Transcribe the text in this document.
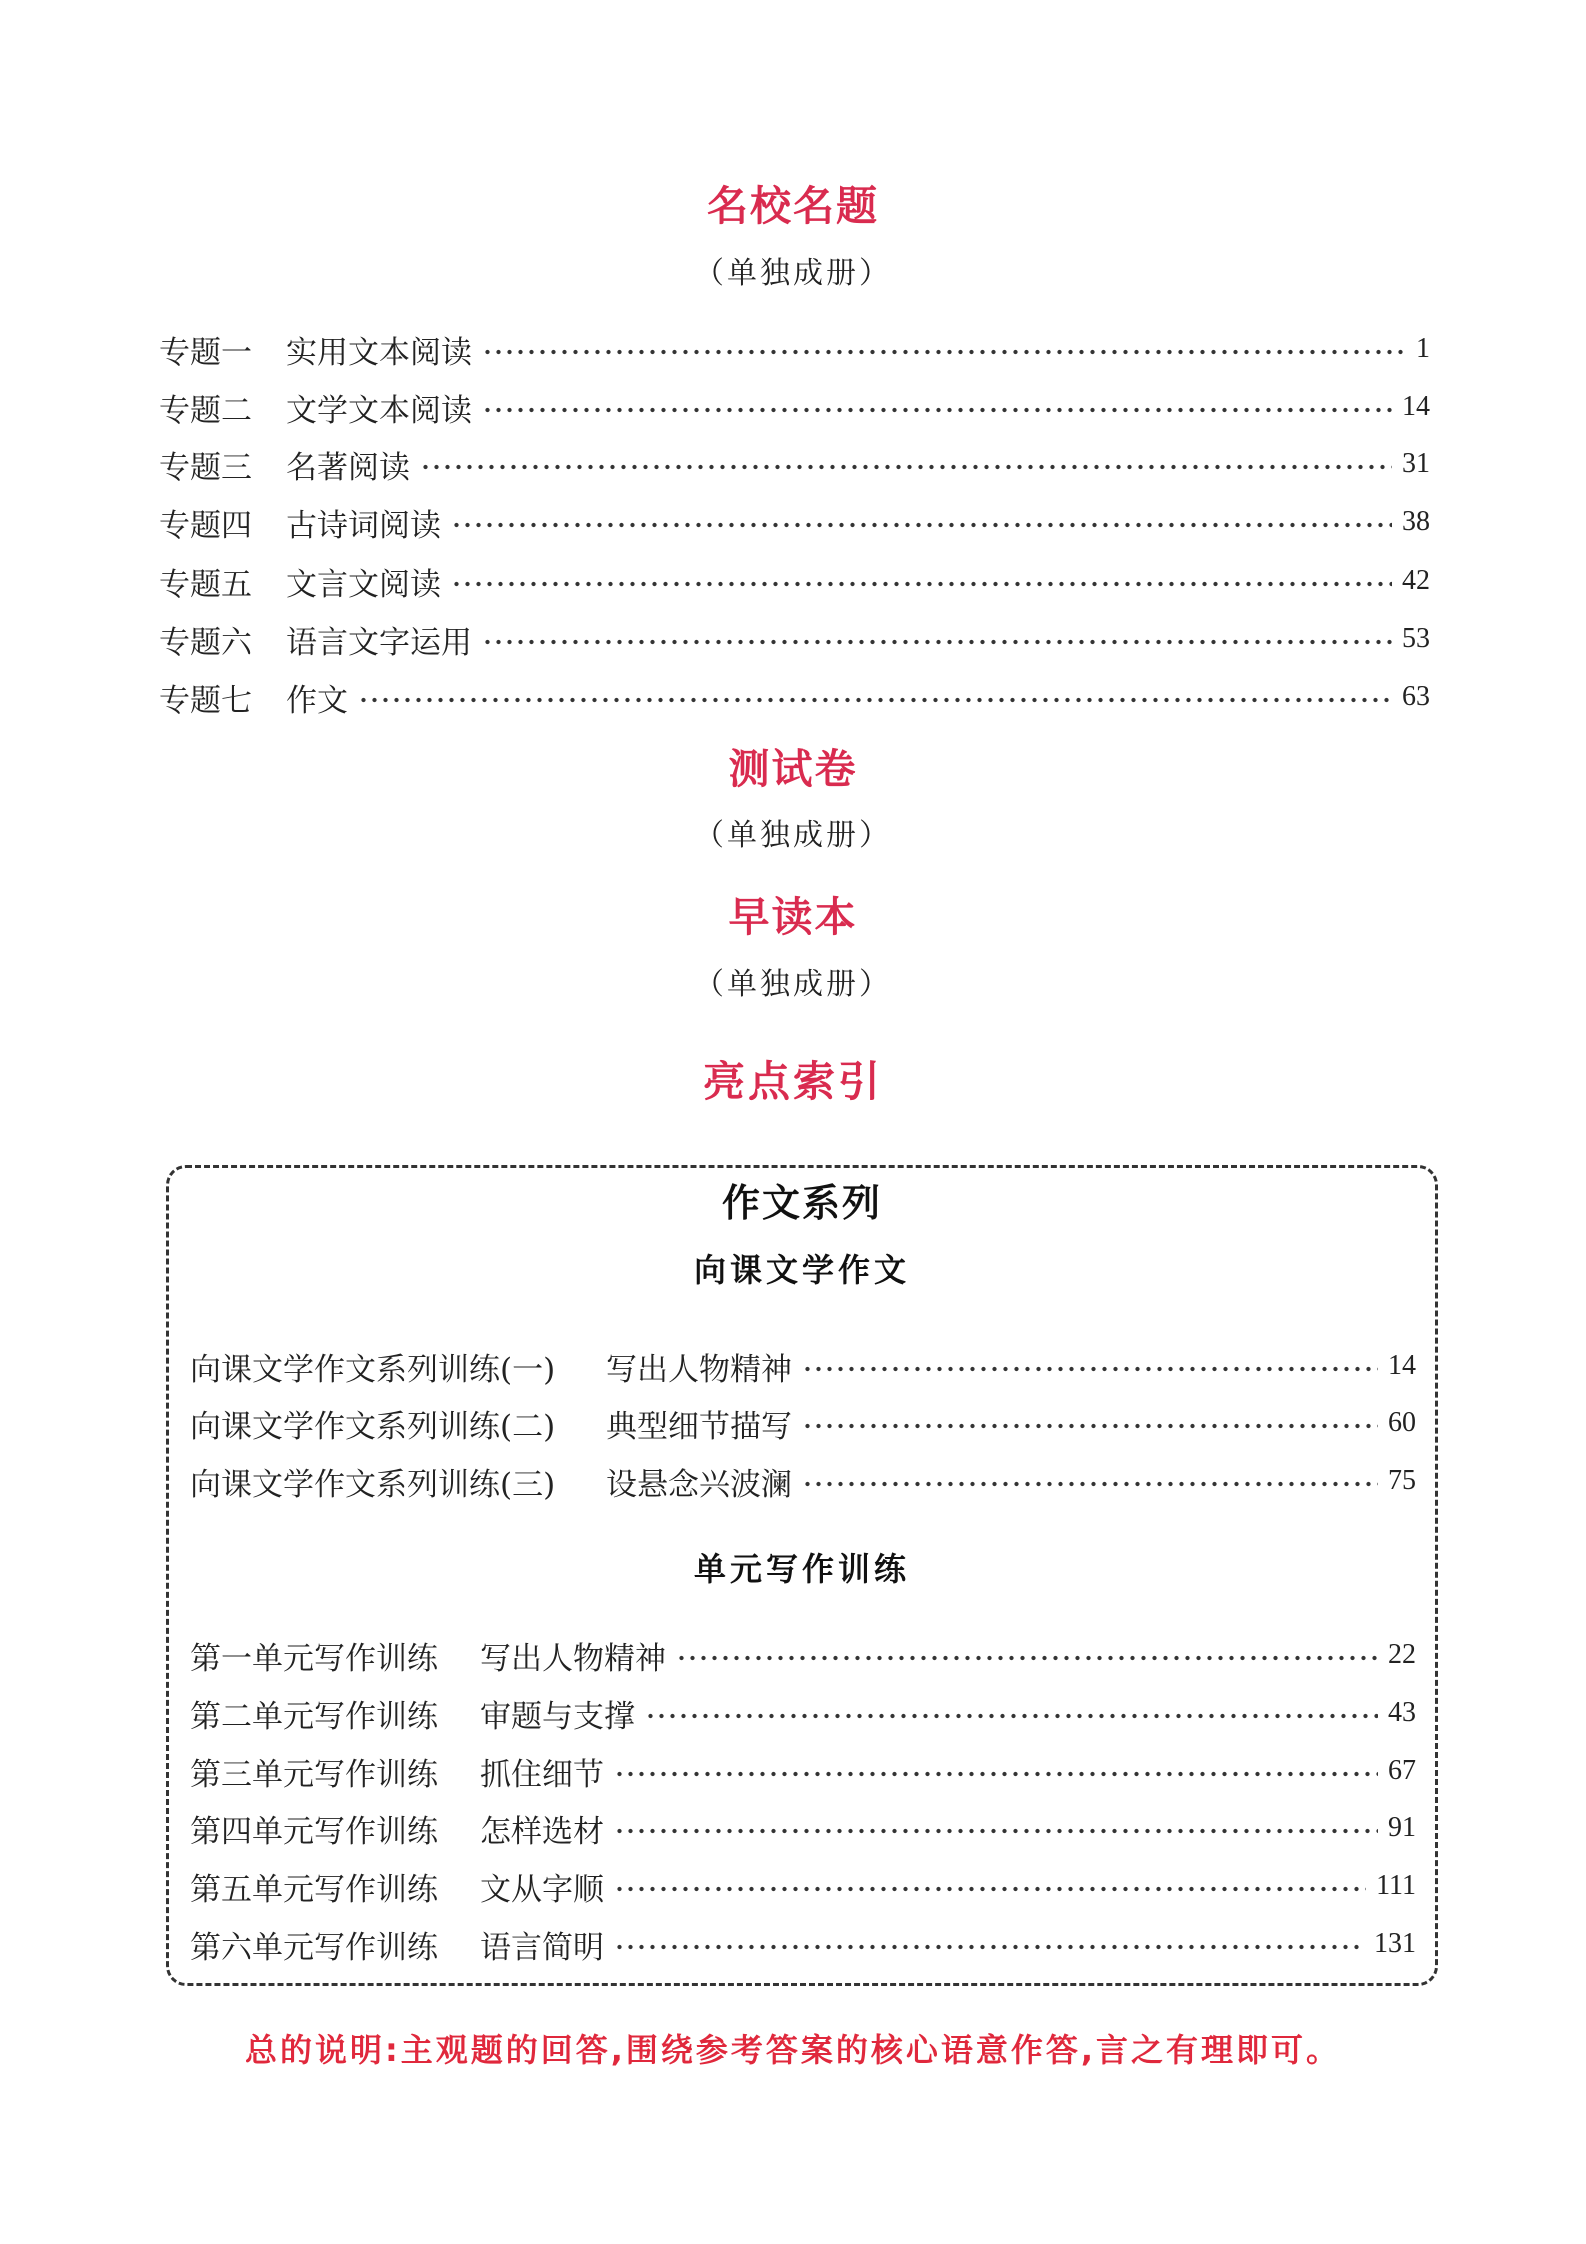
名校名题
（单独成册）
专题一	实用文本阅读	1
专题二	文学文本阅读	14
专题三	名著阅读	31
专题四	古诗词阅读	38
专题五	文言文阅读	42
专题六	语言文字运用	53
专题七	作文	63
测试卷
（单独成册）
早读本
（单独成册）
亮点索引
作文系列
向课文学作文
向课文学作文系列训练(一)	写出人物精神	14
向课文学作文系列训练(二)	典型细节描写	60
向课文学作文系列训练(三)	设悬念兴波澜	75
单元写作训练
第一单元写作训练	写出人物精神	22
第二单元写作训练	审题与支撑	43
第三单元写作训练	抓住细节	67
第四单元写作训练	怎样选材	91
第五单元写作训练	文从字顺	111
第六单元写作训练	语言简明	131
总的说明:主观题的回答,围绕参考答案的核心语意作答,言之有理即可。
